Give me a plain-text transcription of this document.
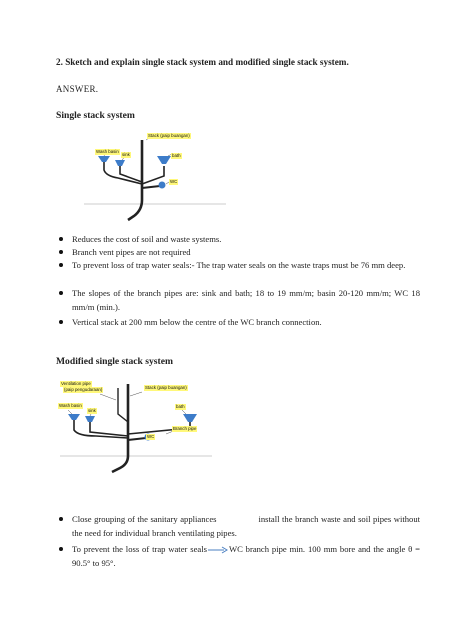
2. Sketch and explain single stack system and modified single stack system.
ANSWER.
Single stack system
Stack (paip buangan)
Wash basin
sink	bath
WC
Reduces the cost of soil and waste systems.
Branch vent pipes are not required
To prevent loss of trap water seals:- The trap water seals on the waste traps must be 76 mm deep.
The slopes of the branch pipes are: sink and bath; 18 to 19 mm/m; basin 20-120 mm/m; WC 18 mm/m (min.).
Vertical stack at 200 mm below the centre of the WC branch connection.
Modified single stack system
Ventilation pipe
(paip pengudaraan)	Stack (paip buangan)
Wash basin
sink
bath
Branch pipe
WC
Close grouping of the sanitary appliances	install the branch waste and soil pipes without the need for individual branch ventilating pipes.
To prevent the loss of trap water seals	WC branch pipe min. 100 mm bore and the angle θ = 90.5° to 95°.
